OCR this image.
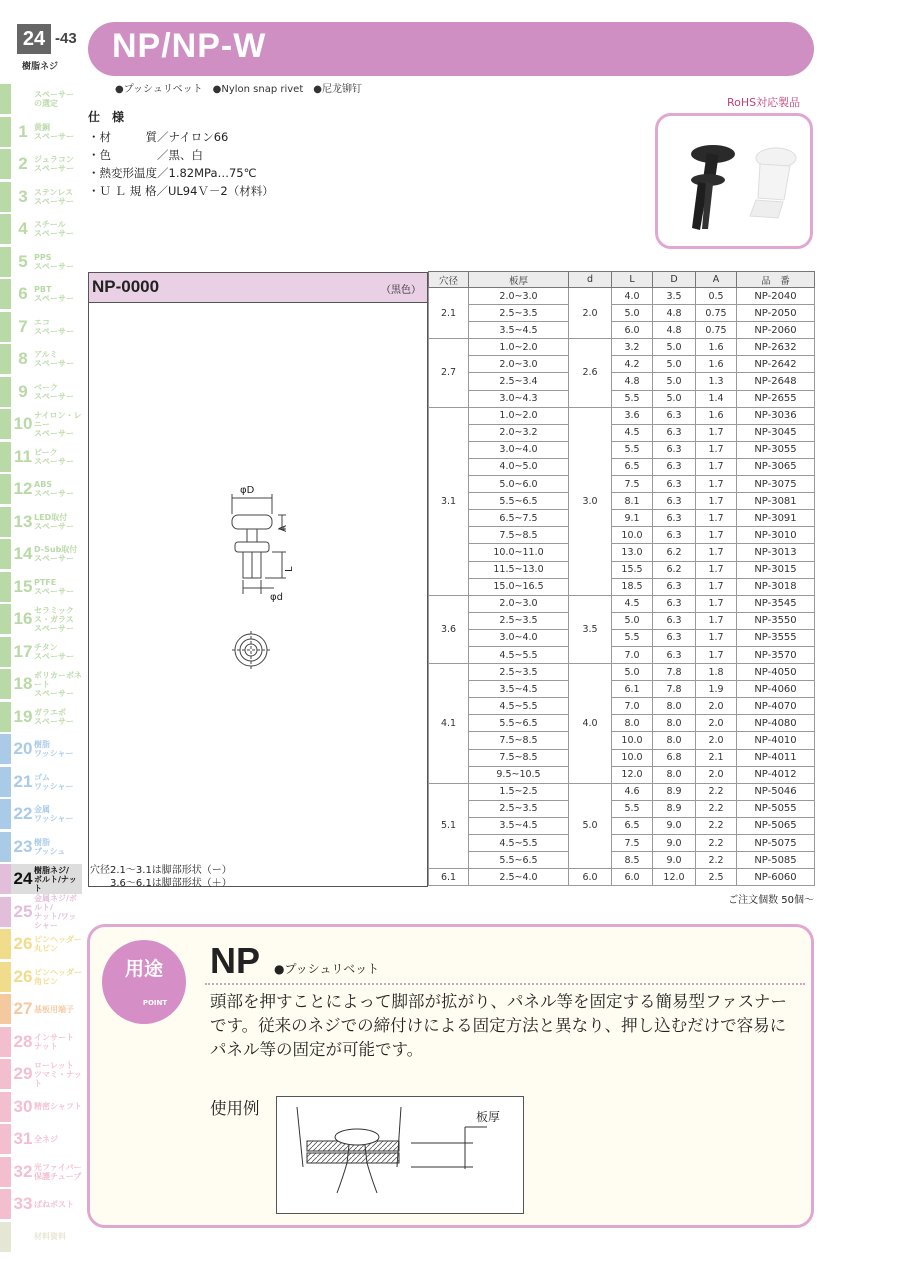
24 -43
樹脂ネジ
スペーサー
の選定
1 黄銅
スペーサー
2 ジュラコン
スペーサー
3 ステンレス
スペーサー
4 スチール
スペーサー
5 PPS
スペーサー
6 PBT
スペーサー
7 エコ
スペーサー
8 アルミ
スペーサー
9 ベーク
スペーサー
10 ナイロン・レニー
スペーサー
11 ピーク
スペーサー
12 ABS
スペーサー
13 LED取付
スペーサー
14 D-Sub取付
スペーサー
15 PTFE
スペーサー
16 セラミックス・ガラス
スペーサー
17 チタン
スペーサー
18 ポリカーボネート
スペーサー
19 ガラエポ
スペーサー
20 樹脂
ワッシャー
21 ゴム
ワッシャー
22 金属
ワッシャー
23 樹脂
ブッシュ
24 樹脂ネジ/
ボルト/ナット
25
金属ネジ/ボルト/
ナット/ワッシャー
26 ピンヘッダー
丸ピン
26 ピンヘッダー
角ピン
27 基板用端子
28 インサート
ナット
29 ローレット
ツマミ・ナット
30 精密シャフト
31 全ネジ
32 光ファイバー
保護チューブ
33 ばねポスト
材料資料
NP/NP-W
●プッシュリベット　●Nylon snap rivet　●尼龙铆钉
仕　様
・材　　　質／ナイロン66
・色　　　　／黒、白
・熱変形温度／1.82MPa…75℃
・Ｕ Ｌ 規 格／UL94Ｖ－2（材料）
RoHS対応製品
NP-0000	（黒色）
φD
A
L
φd
穴径2.1～3.1は脚部形状（ー）
3.6～6.1は脚部形状（＋）
穴径	板厚	d	L	D	A	品　番
2.1	2.0~3.0	2.0	4.0	3.5	0.5	NP-2040
	2.5~3.5		5.0	4.8	0.75	NP-2050
	3.5~4.5		6.0	4.8	0.75	NP-2060
2.7	1.0~2.0	2.6	3.2	5.0	1.6	NP-2632
	2.0~3.0		4.2	5.0	1.6	NP-2642
	2.5~3.4		4.8	5.0	1.3	NP-2648
	3.0~4.3		5.5	5.0	1.4	NP-2655
3.1	1.0~2.0	3.0	3.6	6.3	1.6	NP-3036
	2.0~3.2		4.5	6.3	1.7	NP-3045
	3.0~4.0		5.5	6.3	1.7	NP-3055
	4.0~5.0		6.5	6.3	1.7	NP-3065
	5.0~6.0		7.5	6.3	1.7	NP-3075
	5.5~6.5		8.1	6.3	1.7	NP-3081
	6.5~7.5		9.1	6.3	1.7	NP-3091
	7.5~8.5		10.0	6.3	1.7	NP-3010
	10.0~11.0		13.0	6.2	1.7	NP-3013
	11.5~13.0		15.5	6.2	1.7	NP-3015
	15.0~16.5		18.5	6.3	1.7	NP-3018
3.6	2.0~3.0	3.5	4.5	6.3	1.7	NP-3545
	2.5~3.5		5.0	6.3	1.7	NP-3550
	3.0~4.0		5.5	6.3	1.7	NP-3555
	4.5~5.5		7.0	6.3	1.7	NP-3570
4.1	2.5~3.5	4.0	5.0	7.8	1.8	NP-4050
	3.5~4.5		6.1	7.8	1.9	NP-4060
	4.5~5.5		7.0	8.0	2.0	NP-4070
	5.5~6.5		8.0	8.0	2.0	NP-4080
	7.5~8.5		10.0	8.0	2.0	NP-4010
	7.5~8.5		10.0	6.8	2.1	NP-4011
	9.5~10.5		12.0	8.0	2.0	NP-4012
5.1	1.5~2.5	5.0	4.6	8.9	2.2	NP-5046
	2.5~3.5		5.5	8.9	2.2	NP-5055
	3.5~4.5		6.5	9.0	2.2	NP-5065
	4.5~5.5		7.5	9.0	2.2	NP-5075
	5.5~6.5		8.5	9.0	2.2	NP-5085
6.1	2.5~4.0	6.0	6.0	12.0	2.5	NP-6060
ご注文個数 50個～
用途
POINT
NP ●プッシュリベット
頭部を押すことによって脚部が拡がり、パネル等を固定する簡易型ファスナーです。従来のネジでの締付けによる固定方法と異なり、押し込むだけで容易にパネル等の固定が可能です。
使用例	板厚
